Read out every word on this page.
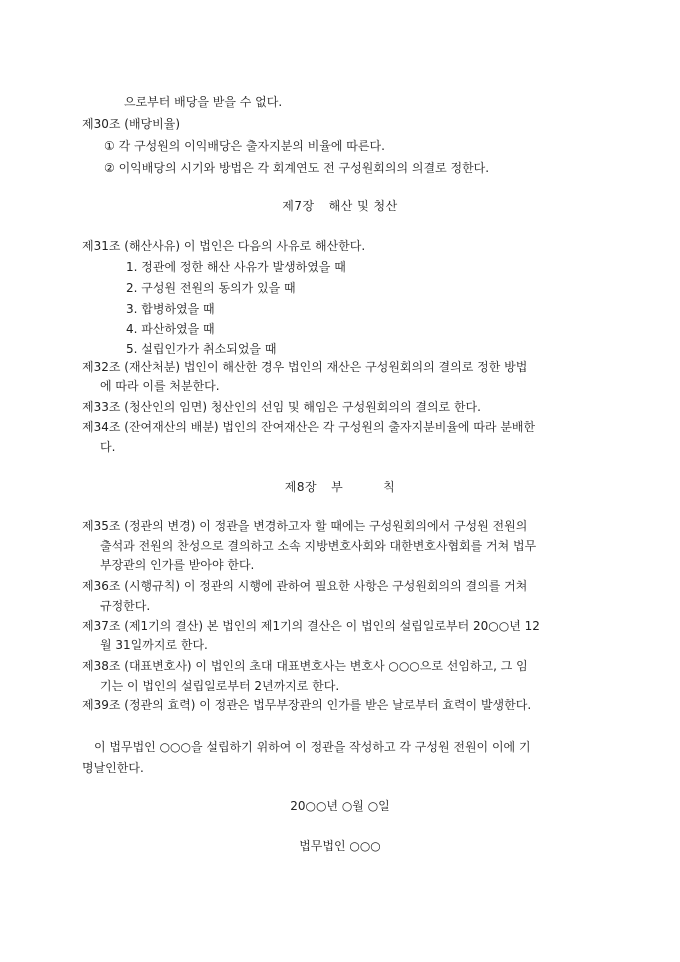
으로부터 배당을 받을 수 없다.
제30조 (배당비율)
① 각 구성원의 이익배당은 출자지분의 비율에 따른다.
② 이익배당의 시기와 방법은 각 회계연도 전 구성원회의의 의결로 정한다.
제7장 해산 및 청산
제31조 (해산사유) 이 법인은 다음의 사유로 해산한다.
1. 정관에 정한 해산 사유가 발생하였을 때
2. 구성원 전원의 동의가 있을 때
3. 합병하였을 때
4. 파산하였을 때
5. 설립인가가 취소되었을 때
제32조 (재산처분) 법인이 해산한 경우 법인의 재산은 구성원회의의 결의로 정한 방법
에 따라 이를 처분한다.
제33조 (청산인의 임면) 청산인의 선임 및 해임은 구성원회의의 결의로 한다.
제34조 (잔여재산의 배분) 법인의 잔여재산은 각 구성원의 출자지분비율에 따라 분배한
다.
제8장 부	칙
제35조 (정관의 변경) 이 정관을 변경하고자 할 때에는 구성원회의에서 구성원 전원의
출석과 전원의 찬성으로 결의하고 소속 지방변호사회와 대한변호사협회를 거쳐 법무
부장관의 인가를 받아야 한다.
제36조 (시행규칙) 이 정관의 시행에 관하여 필요한 사항은 구성원회의의 결의를 거쳐
규정한다.
제37조 (제1기의 결산) 본 법인의 제1기의 결산은 이 법인의 설립일로부터 20○○년 12
월 31일까지로 한다.
제38조 (대표변호사) 이 법인의 초대 대표변호사는 변호사 ○○○으로 선임하고, 그 임
기는 이 법인의 설립일로부터 2년까지로 한다.
제39조 (정관의 효력) 이 정관은 법무부장관의 인가를 받은 날로부터 효력이 발생한다.
이 법무법인 ○○○을 설립하기 위하여 이 정관을 작성하고 각 구성원 전원이 이에 기
명날인한다.
20○○년 ○월 ○일
법무법인 ○○○
